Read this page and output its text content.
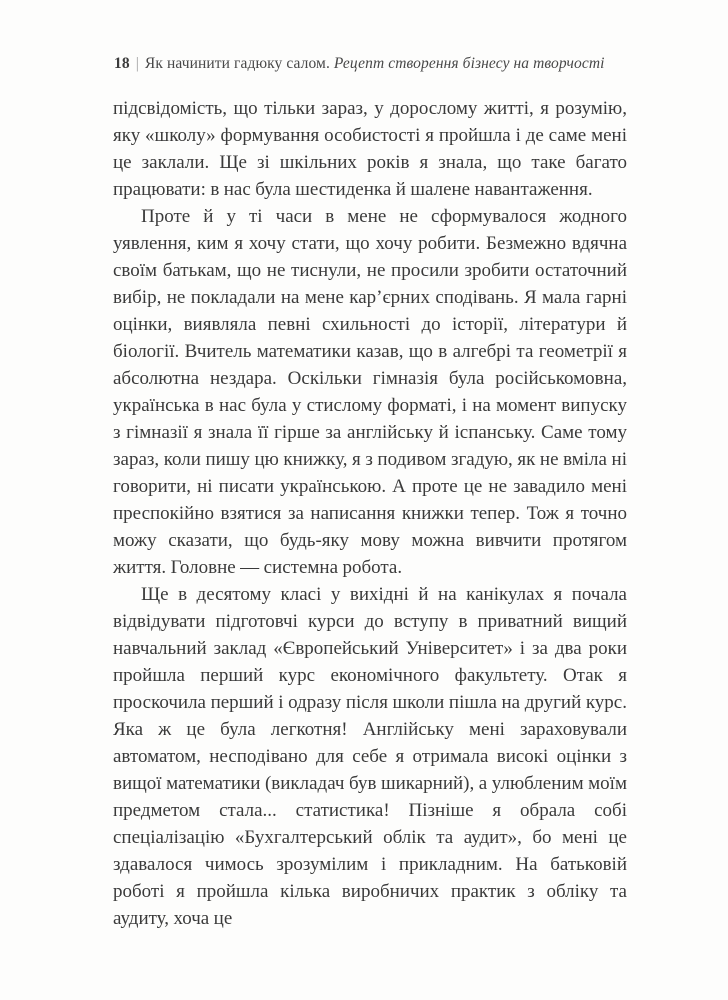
18 | Як начинити гадюку салом. Рецепт створення бізнесу на творчості

підсвідомість, що тільки зараз, у дорослому житті, я розумію, яку «школу» формування особистості я пройшла і де саме мені це заклали. Ще зі шкільних років я знала, що таке багато працювати: в нас була шестиденка й шалене навантаження.

Проте й у ті часи в мене не сформувалося жодного уявлення, ким я хочу стати, що хочу робити. Безмежно вдячна своїм батькам, що не тиснули, не просили зробити остаточний вибір, не покладали на мене кар’єрних сподівань. Я мала гарні оцінки, виявляла певні схильності до історії, літератури й біології. Вчитель математики казав, що в алгебрі та геометрії я абсолютна нездара. Оскільки гімназія була російськомовна, українська в нас була у стислому форматі, і на момент випуску з гімназії я знала її гірше за англійську й іспанську. Саме тому зараз, коли пишу цю книжку, я з подивом згадую, як не вміла ні говорити, ні писати українською. А проте це не завадило мені преспокійно взятися за написання книжки тепер. Тож я точно можу сказати, що будь-яку мову можна вивчити протягом життя. Головне — системна робота.

Ще в десятому класі у вихідні й на канікулах я почала відвідувати підготовчі курси до вступу в приватний вищий навчальний заклад «Європейський Університет» і за два роки пройшла перший курс економічного факультету. Отак я проскочила перший і одразу після школи пішла на другий курс. Яка ж це була легкотня! Англійську мені зараховували автоматом, несподівано для себе я отримала високі оцінки з вищої математики (викладач був шикарний), а улюбленим моїм предметом стала... статистика! Пізніше я обрала собі спеціалізацію «Бухгалтерський облік та аудит», бо мені це здавалося чимось зрозумілим і прикладним. На батьковій роботі я пройшла кілька виробничих практик з обліку та аудиту, хоча це
